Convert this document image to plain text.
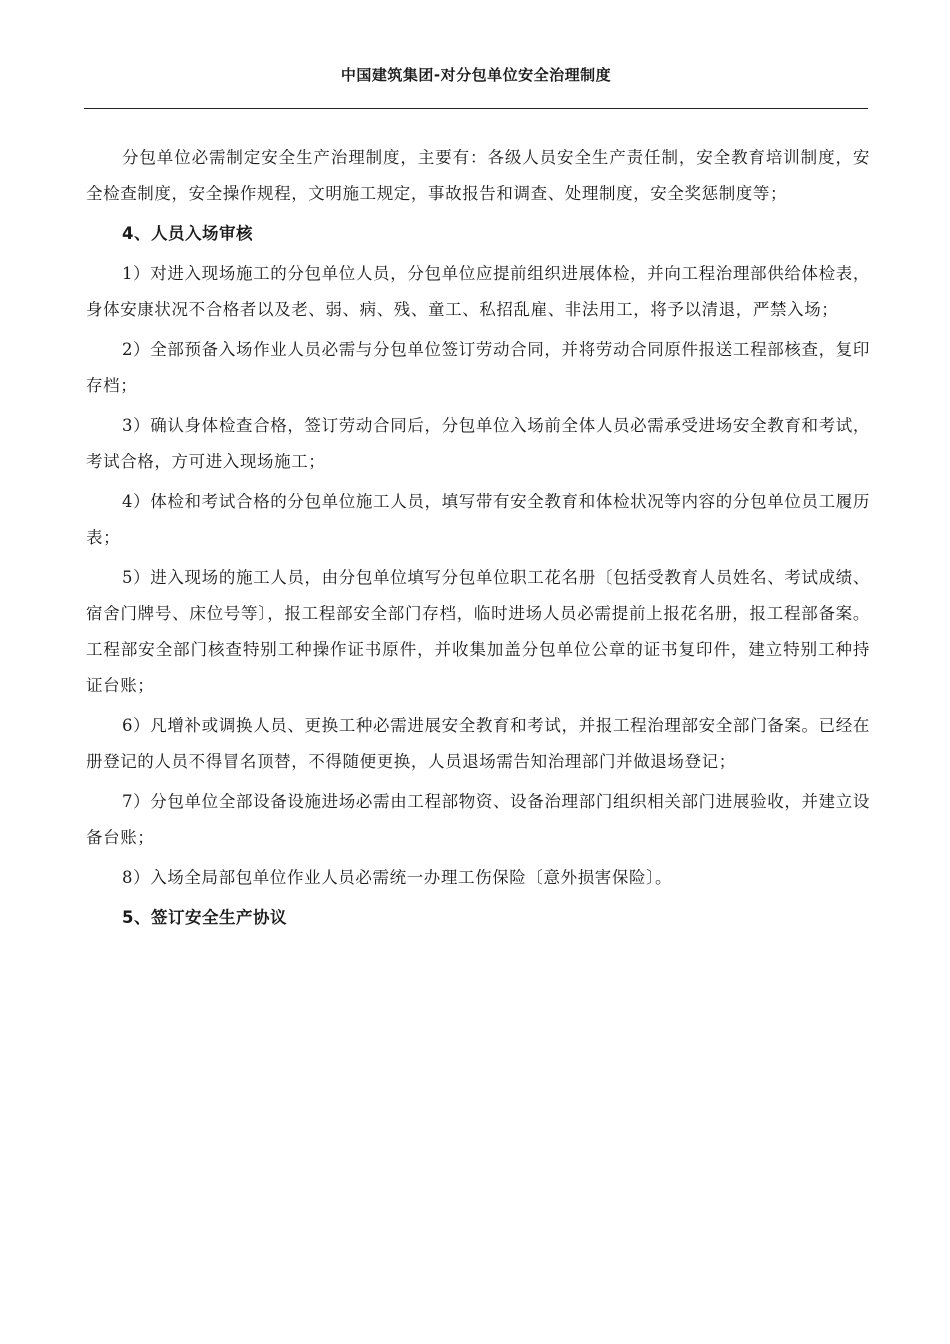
中国建筑集团-对分包单位安全治理制度

分包单位必需制定安全生产治理制度，主要有：各级人员安全生产责任制，安全教育培训制度，安全检查制度，安全操作规程，文明施工规定，事故报告和调查、处理制度，安全奖惩制度等；

4、人员入场审核

1）对进入现场施工的分包单位人员，分包单位应提前组织进展体检，并向工程治理部供给体检表，身体安康状况不合格者以及老、弱、病、残、童工、私招乱雇、非法用工，将予以清退，严禁入场；

2）全部预备入场作业人员必需与分包单位签订劳动合同，并将劳动合同原件报送工程部核查，复印存档；

3）确认身体检查合格，签订劳动合同后，分包单位入场前全体人员必需承受进场安全教育和考试，考试合格，方可进入现场施工；

4）体检和考试合格的分包单位施工人员，填写带有安全教育和体检状况等内容的分包单位员工履历表；

5）进入现场的施工人员，由分包单位填写分包单位职工花名册〔包括受教育人员姓名、考试成绩、宿舍门牌号、床位号等〕，报工程部安全部门存档，临时进场人员必需提前上报花名册，报工程部备案。工程部安全部门核查特别工种操作证书原件，并收集加盖分包单位公章的证书复印件，建立特别工种持证台账；

6）凡增补或调换人员、更换工种必需进展安全教育和考试，并报工程治理部安全部门备案。已经在册登记的人员不得冒名顶替，不得随便更换，人员退场需告知治理部门并做退场登记；

7）分包单位全部设备设施进场必需由工程部物资、设备治理部门组织相关部门进展验收，并建立设备台账；

8）入场全局部包单位作业人员必需统一办理工伤保险〔意外损害保险〕。

5、签订安全生产协议
